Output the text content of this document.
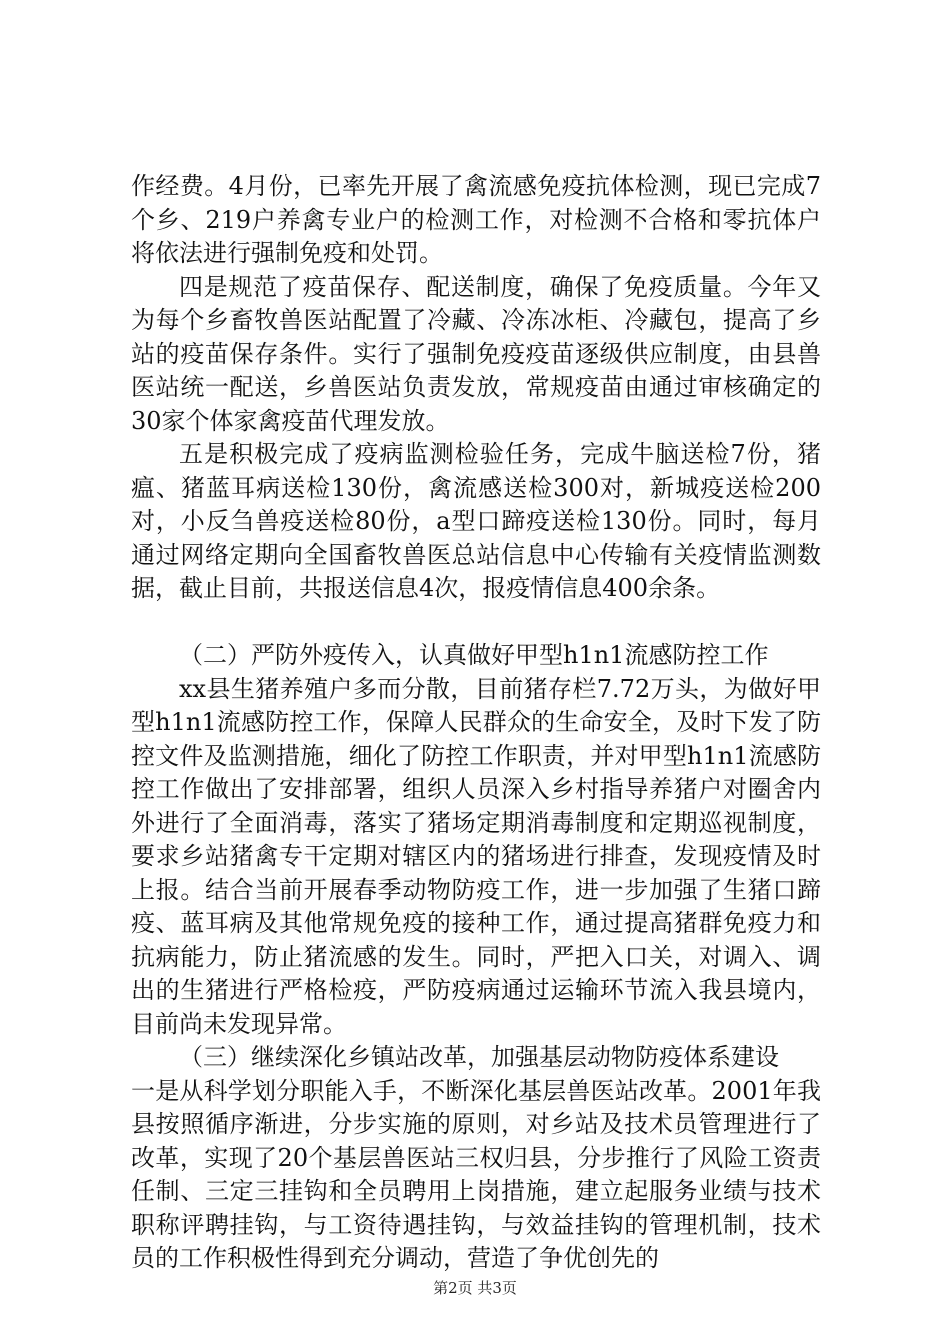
作经费。4月份，已率先开展了禽流感免疫抗体检测，现已完成7个乡、219户养禽专业户的检测工作，对检测不合格和零抗体户将依法进行强制免疫和处罚。

四是规范了疫苗保存、配送制度，确保了免疫质量。今年又为每个乡畜牧兽医站配置了冷藏、冷冻冰柜、冷藏包，提高了乡站的疫苗保存条件。实行了强制免疫疫苗逐级供应制度，由县兽医站统一配送，乡兽医站负责发放，常规疫苗由通过审核确定的30家个体家禽疫苗代理发放。

五是积极完成了疫病监测检验任务，完成牛脑送检7份，猪瘟、猪蓝耳病送检130份，禽流感送检300对，新城疫送检200对，小反刍兽疫送检80份，a型口蹄疫送检130份。同时，每月通过网络定期向全国畜牧兽医总站信息中心传输有关疫情监测数据，截止目前，共报送信息4次，报疫情信息400余条。

（二）严防外疫传入，认真做好甲型h1n1流感防控工作

xx县生猪养殖户多而分散，目前猪存栏7.72万头，为做好甲型h1n1流感防控工作，保障人民群众的生命安全，及时下发了防控文件及监测措施，细化了防控工作职责，并对甲型h1n1流感防控工作做出了安排部署，组织人员深入乡村指导养猪户对圈舍内外进行了全面消毒，落实了猪场定期消毒制度和定期巡视制度，要求乡站猪禽专干定期对辖区内的猪场进行排查，发现疫情及时上报。结合当前开展春季动物防疫工作，进一步加强了生猪口蹄疫、蓝耳病及其他常规免疫的接种工作，通过提高猪群免疫力和抗病能力，防止猪流感的发生。同时，严把入口关，对调入、调出的生猪进行严格检疫，严防疫病通过运输环节流入我县境内，目前尚未发现异常。

（三）继续深化乡镇站改革，加强基层动物防疫体系建设

一是从科学划分职能入手，不断深化基层兽医站改革。2001年我县按照循序渐进，分步实施的原则，对乡站及技术员管理进行了改革，实现了20个基层兽医站三权归县，分步推行了风险工资责任制、三定三挂钩和全员聘用上岗措施，建立起服务业绩与技术职称评聘挂钩，与工资待遇挂钩，与效益挂钩的管理机制，技术员的工作积极性得到充分调动，营造了争优创先的

第2页 共3页
